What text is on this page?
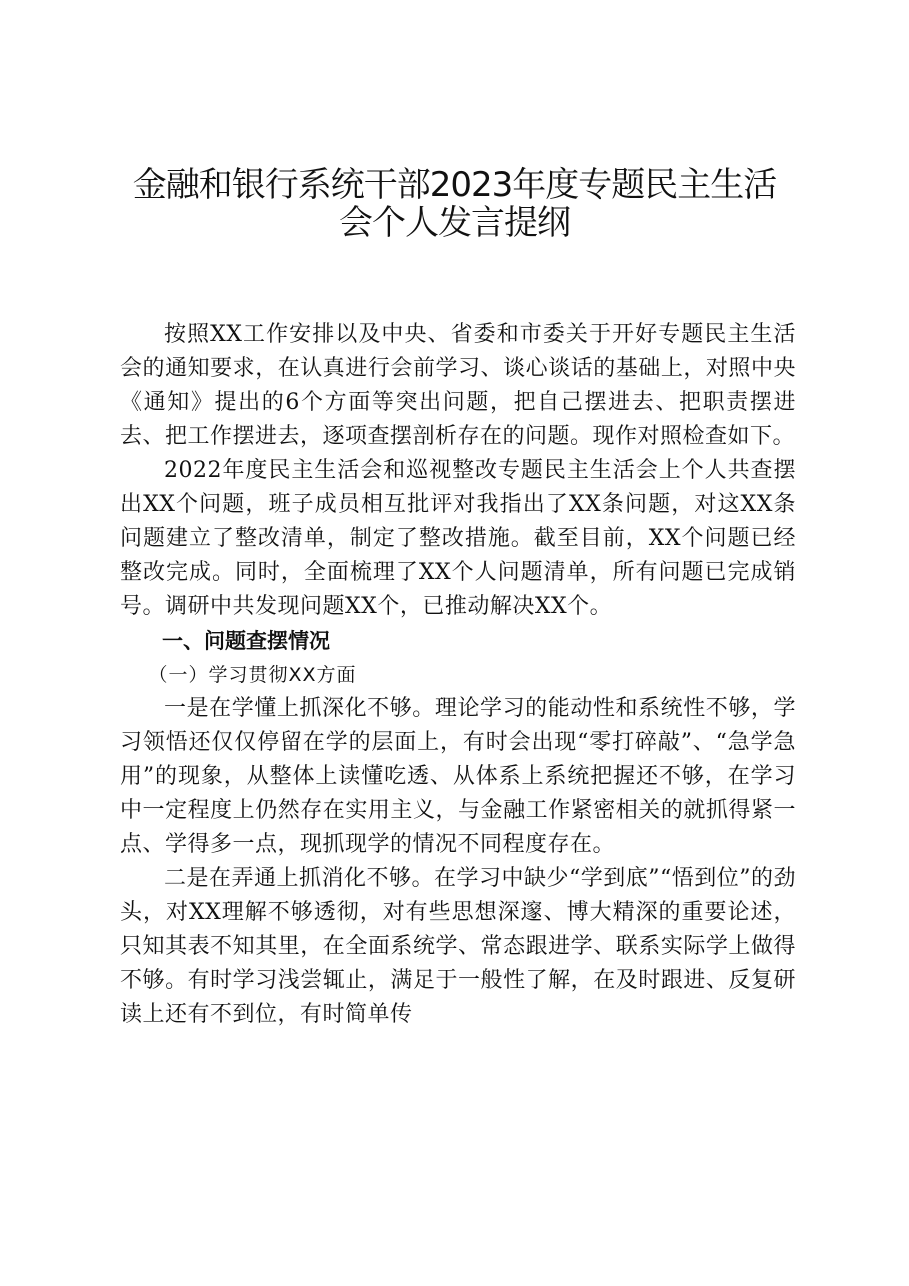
金融和银行系统干部2023年度专题民主生活
会个人发言提纲

按照XX工作安排以及中央、省委和市委关于开好专题民主生活会的通知要求，在认真进行会前学习、谈心谈话的基础上，对照中央《通知》提出的6个方面等突出问题，把自己摆进去、把职责摆进去、把工作摆进去，逐项查摆剖析存在的问题。现作对照检查如下。

2022年度民主生活会和巡视整改专题民主生活会上个人共查摆出XX个问题，班子成员相互批评对我指出了XX条问题，对这XX条问题建立了整改清单，制定了整改措施。截至目前，XX个问题已经整改完成。同时，全面梳理了XX个人问题清单，所有问题已完成销号。调研中共发现问题XX个，已推动解决XX个。

一、问题查摆情况

（一）学习贯彻XX方面

一是在学懂上抓深化不够。理论学习的能动性和系统性不够，学习领悟还仅仅停留在学的层面上，有时会出现“零打碎敲”、“急学急用”的现象，从整体上读懂吃透、从体系上系统把握还不够，在学习中一定程度上仍然存在实用主义，与金融工作紧密相关的就抓得紧一点、学得多一点，现抓现学的情况不同程度存在。

二是在弄通上抓消化不够。在学习中缺少“学到底”“悟到位”的劲头，对XX理解不够透彻，对有些思想深邃、博大精深的重要论述，只知其表不知其里，在全面系统学、常态跟进学、联系实际学上做得不够。有时学习浅尝辄止，满足于一般性了解，在及时跟进、反复研读上还有不到位，有时简单传
